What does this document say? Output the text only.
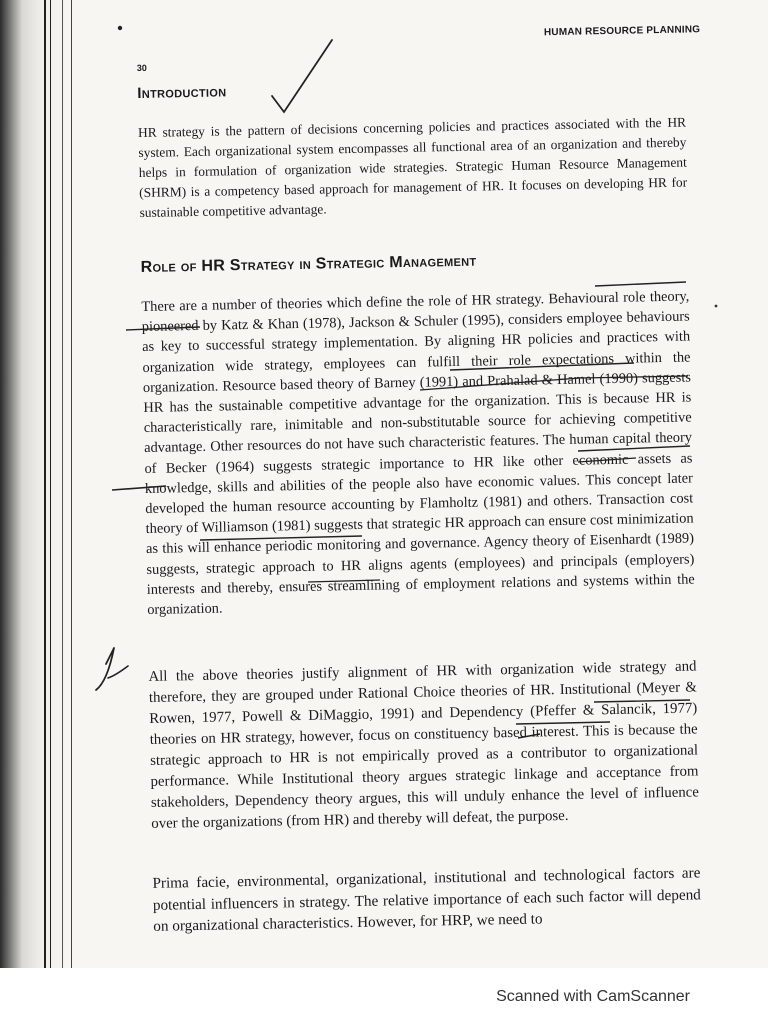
HUMAN RESOURCE PLANNING
30
Introduction

HR strategy is the pattern of decisions concerning policies and practices associated with the HR system. Each organizational system encompasses all functional area of an organization and thereby helps in formulation of organization wide strategies. Strategic Human Resource Management (SHRM) is a competency based approach for management of HR. It focuses on developing HR for sustainable competitive advantage.

Role of HR Strategy in Strategic Management

There are a number of theories which define the role of HR strategy. Behavioural role theory, pioneered by Katz & Khan (1978), Jackson & Schuler (1995), considers employee behaviours as key to successful strategy implementation. By aligning HR policies and practices with organization wide strategy, employees can fulfill their role expectations within the organization. Resource based theory of Barney (1991) and Prahalad & Hamel (1990) suggests HR has the sustainable competitive advantage for the organization. This is because HR is characteristically rare, inimitable and non-substitutable source for achieving competitive advantage. Other resources do not have such characteristic features. The human capital theory of Becker (1964) suggests strategic importance to HR like other economic assets as knowledge, skills and abilities of the people also have economic values. This concept later developed the human resource accounting by Flamholtz (1981) and others. Transaction cost theory of Williamson (1981) suggests that strategic HR approach can ensure cost minimization as this will enhance periodic monitoring and governance. Agency theory of Eisenhardt (1989) suggests, strategic approach to HR aligns agents (employees) and principals (employers) interests and thereby, ensures streamlining of employment relations and systems within the organization.

All the above theories justify alignment of HR with organization wide strategy and therefore, they are grouped under Rational Choice theories of HR. Institutional (Meyer & Rowen, 1977, Powell & DiMaggio, 1991) and Dependency (Pfeffer & Salancik, 1977) theories on HR strategy, however, focus on constituency based interest. This is because the strategic approach to HR is not empirically proved as a contributor to organizational performance. While Institutional theory argues strategic linkage and acceptance from stakeholders, Dependency theory argues, this will unduly enhance the level of influence over the organizations (from HR) and thereby will defeat, the purpose.

Prima facie, environmental, organizational, institutional and technological factors are potential influencers in strategy. The relative importance of each such factor will depend on organizational characteristics. However, for HRP, we need to

Scanned with CamScanner
